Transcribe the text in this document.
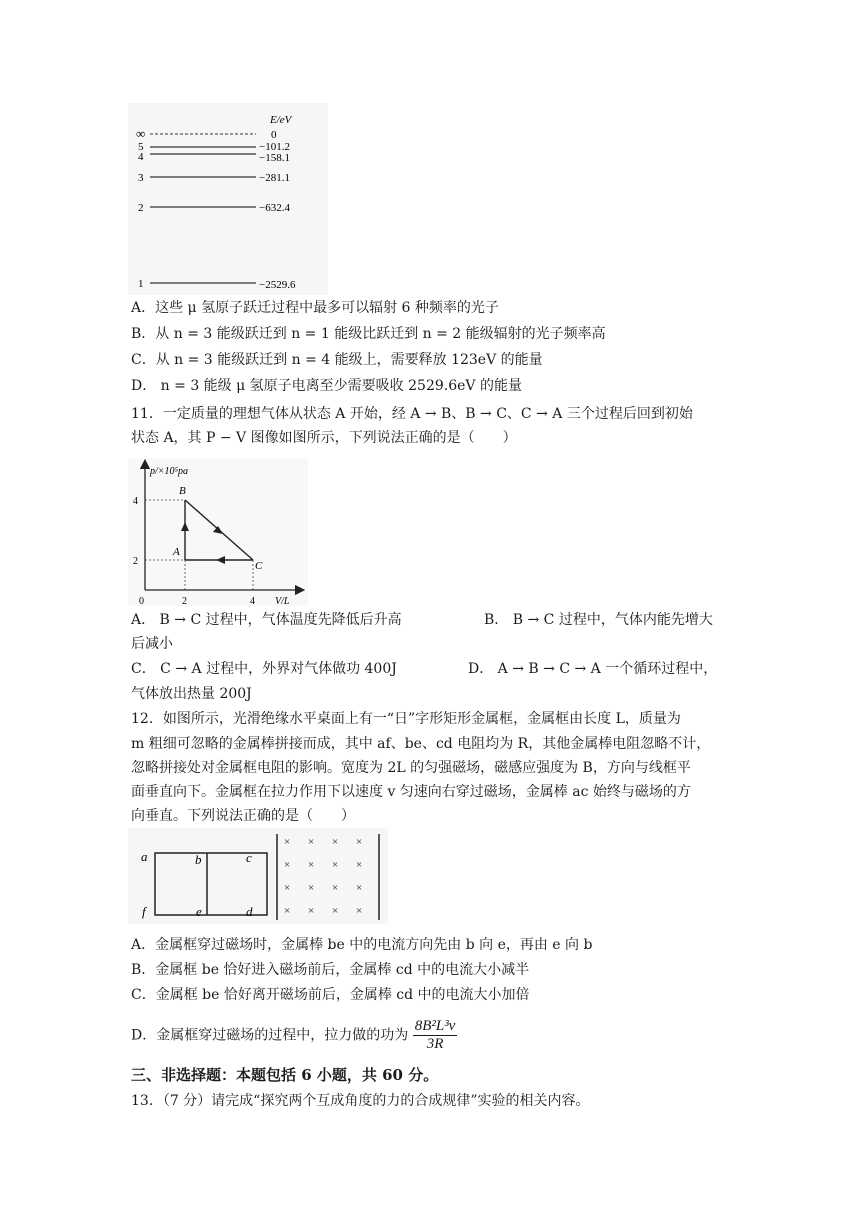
E/eV
∞	0
5	−101.2
4	−158.1
3	−281.1
2	−632.4
1	−2529.6
A．这些 μ 氢原子跃迁过程中最多可以辐射 6 种频率的光子
B．从 n = 3 能级跃迁到 n = 1 能级比跃迁到 n = 2 能级辐射的光子频率高
C．从 n = 3 能级跃迁到 n = 4 能级上，需要释放 123eV 的能量
D． n = 3 能级 μ 氢原子电离至少需要吸收 2529.6eV 的能量
11．一定质量的理想气体从状态 A 开始，经 A → B、B → C、C → A 三个过程后回到初始
状态 A，其 P − V 图像如图所示，下列说法正确的是（　　）
p/×10⁵pa
V/L
4
2
0	2	4
B
A
C
A． B → C 过程中，气体温度先降低后升高	B． B → C 过程中，气体内能先增大
后减小
C． C → A 过程中，外界对气体做功 400J	D． A → B → C → A 一个循环过程中，
气体放出热量 200J
12．如图所示，光滑绝缘水平桌面上有一“日”字形矩形金属框，金属框由长度 L，质量为
m 粗细可忽略的金属棒拼接而成，其中 af、be、cd 电阻均为 R，其他金属棒电阻忽略不计，
忽略拼接处对金属框电阻的影响。宽度为 2L 的匀强磁场，磁感应强度为 B，方向与线框平
面垂直向下。金属框在拉力作用下以速度 v 匀速向右穿过磁场，金属棒 ac 始终与磁场的方
向垂直。下列说法正确的是（　　）
a	b	c
f	e	d
× × × ×
× × × ×
× × × ×
× × × ×
A．金属框穿过磁场时，金属棒 be 中的电流方向先由 b 向 e，再由 e 向 b
B．金属框 be 恰好进入磁场前后，金属棒 cd 中的电流大小减半
C．金属框 be 恰好离开磁场前后，金属棒 cd 中的电流大小加倍
D．金属框穿过磁场的过程中，拉力做的功为 $\frac{\text{8B²L³v}}{3R}$
三、非选择题：本题包括 6 小题，共 60 分。
13．（7 分）请完成“探究两个互成角度的力的合成规律”实验的相关内容。
